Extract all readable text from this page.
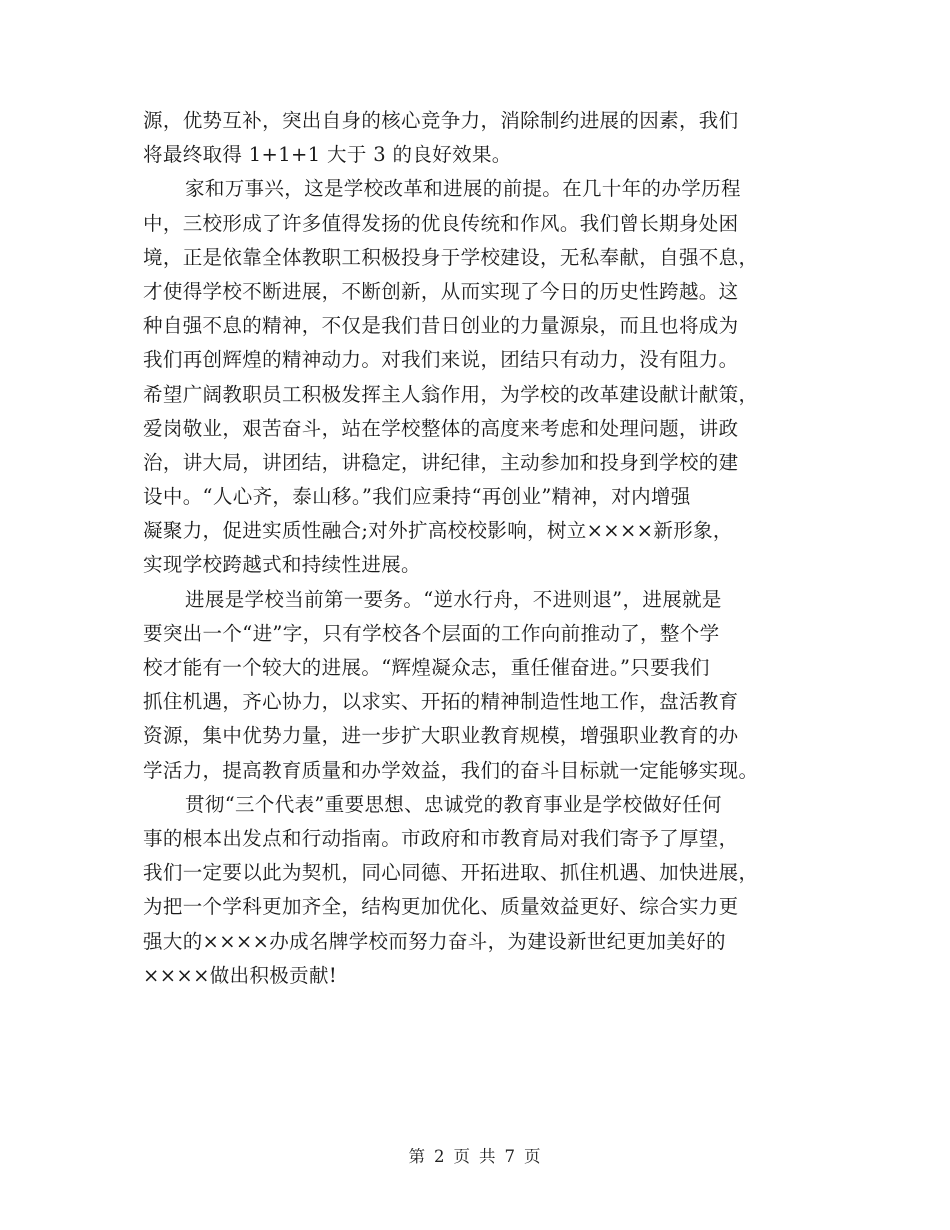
源，优势互补，突出自身的核心竞争力，消除制约进展的因素，我们
将最终取得 1+1+1 大于 3 的良好效果。
家和万事兴，这是学校改革和进展的前提。在几十年的办学历程
中，三校形成了许多值得发扬的优良传统和作风。我们曾长期身处困
境，正是依靠全体教职工积极投身于学校建设，无私奉献，自强不息，
才使得学校不断进展，不断创新，从而实现了今日的历史性跨越。这
种自强不息的精神，不仅是我们昔日创业的力量源泉，而且也将成为
我们再创辉煌的精神动力。对我们来说，团结只有动力，没有阻力。
希望广阔教职员工积极发挥主人翁作用，为学校的改革建设献计献策，
爱岗敬业，艰苦奋斗，站在学校整体的高度来考虑和处理问题，讲政
治，讲大局，讲团结，讲稳定，讲纪律，主动参加和投身到学校的建
设中。“人心齐，泰山移。”我们应秉持“再创业”精神，对内增强
凝聚力，促进实质性融合;对外扩高校校影响，树立××××新形象，
实现学校跨越式和持续性进展。
进展是学校当前第一要务。“逆水行舟，不进则退”，进展就是
要突出一个“进”字，只有学校各个层面的工作向前推动了，整个学
校才能有一个较大的进展。“辉煌凝众志，重任催奋进。”只要我们
抓住机遇，齐心协力，以求实、开拓的精神制造性地工作，盘活教育
资源，集中优势力量，进一步扩大职业教育规模，增强职业教育的办
学活力，提高教育质量和办学效益，我们的奋斗目标就一定能够实现。
贯彻“三个代表”重要思想、忠诚党的教育事业是学校做好任何
事的根本出发点和行动指南。市政府和市教育局对我们寄予了厚望，
我们一定要以此为契机，同心同德、开拓进取、抓住机遇、加快进展，
为把一个学科更加齐全，结构更加优化、质量效益更好、综合实力更
强大的××××办成名牌学校而努力奋斗，为建设新世纪更加美好的
××××做出积极贡献!
第 2 页 共 7 页
